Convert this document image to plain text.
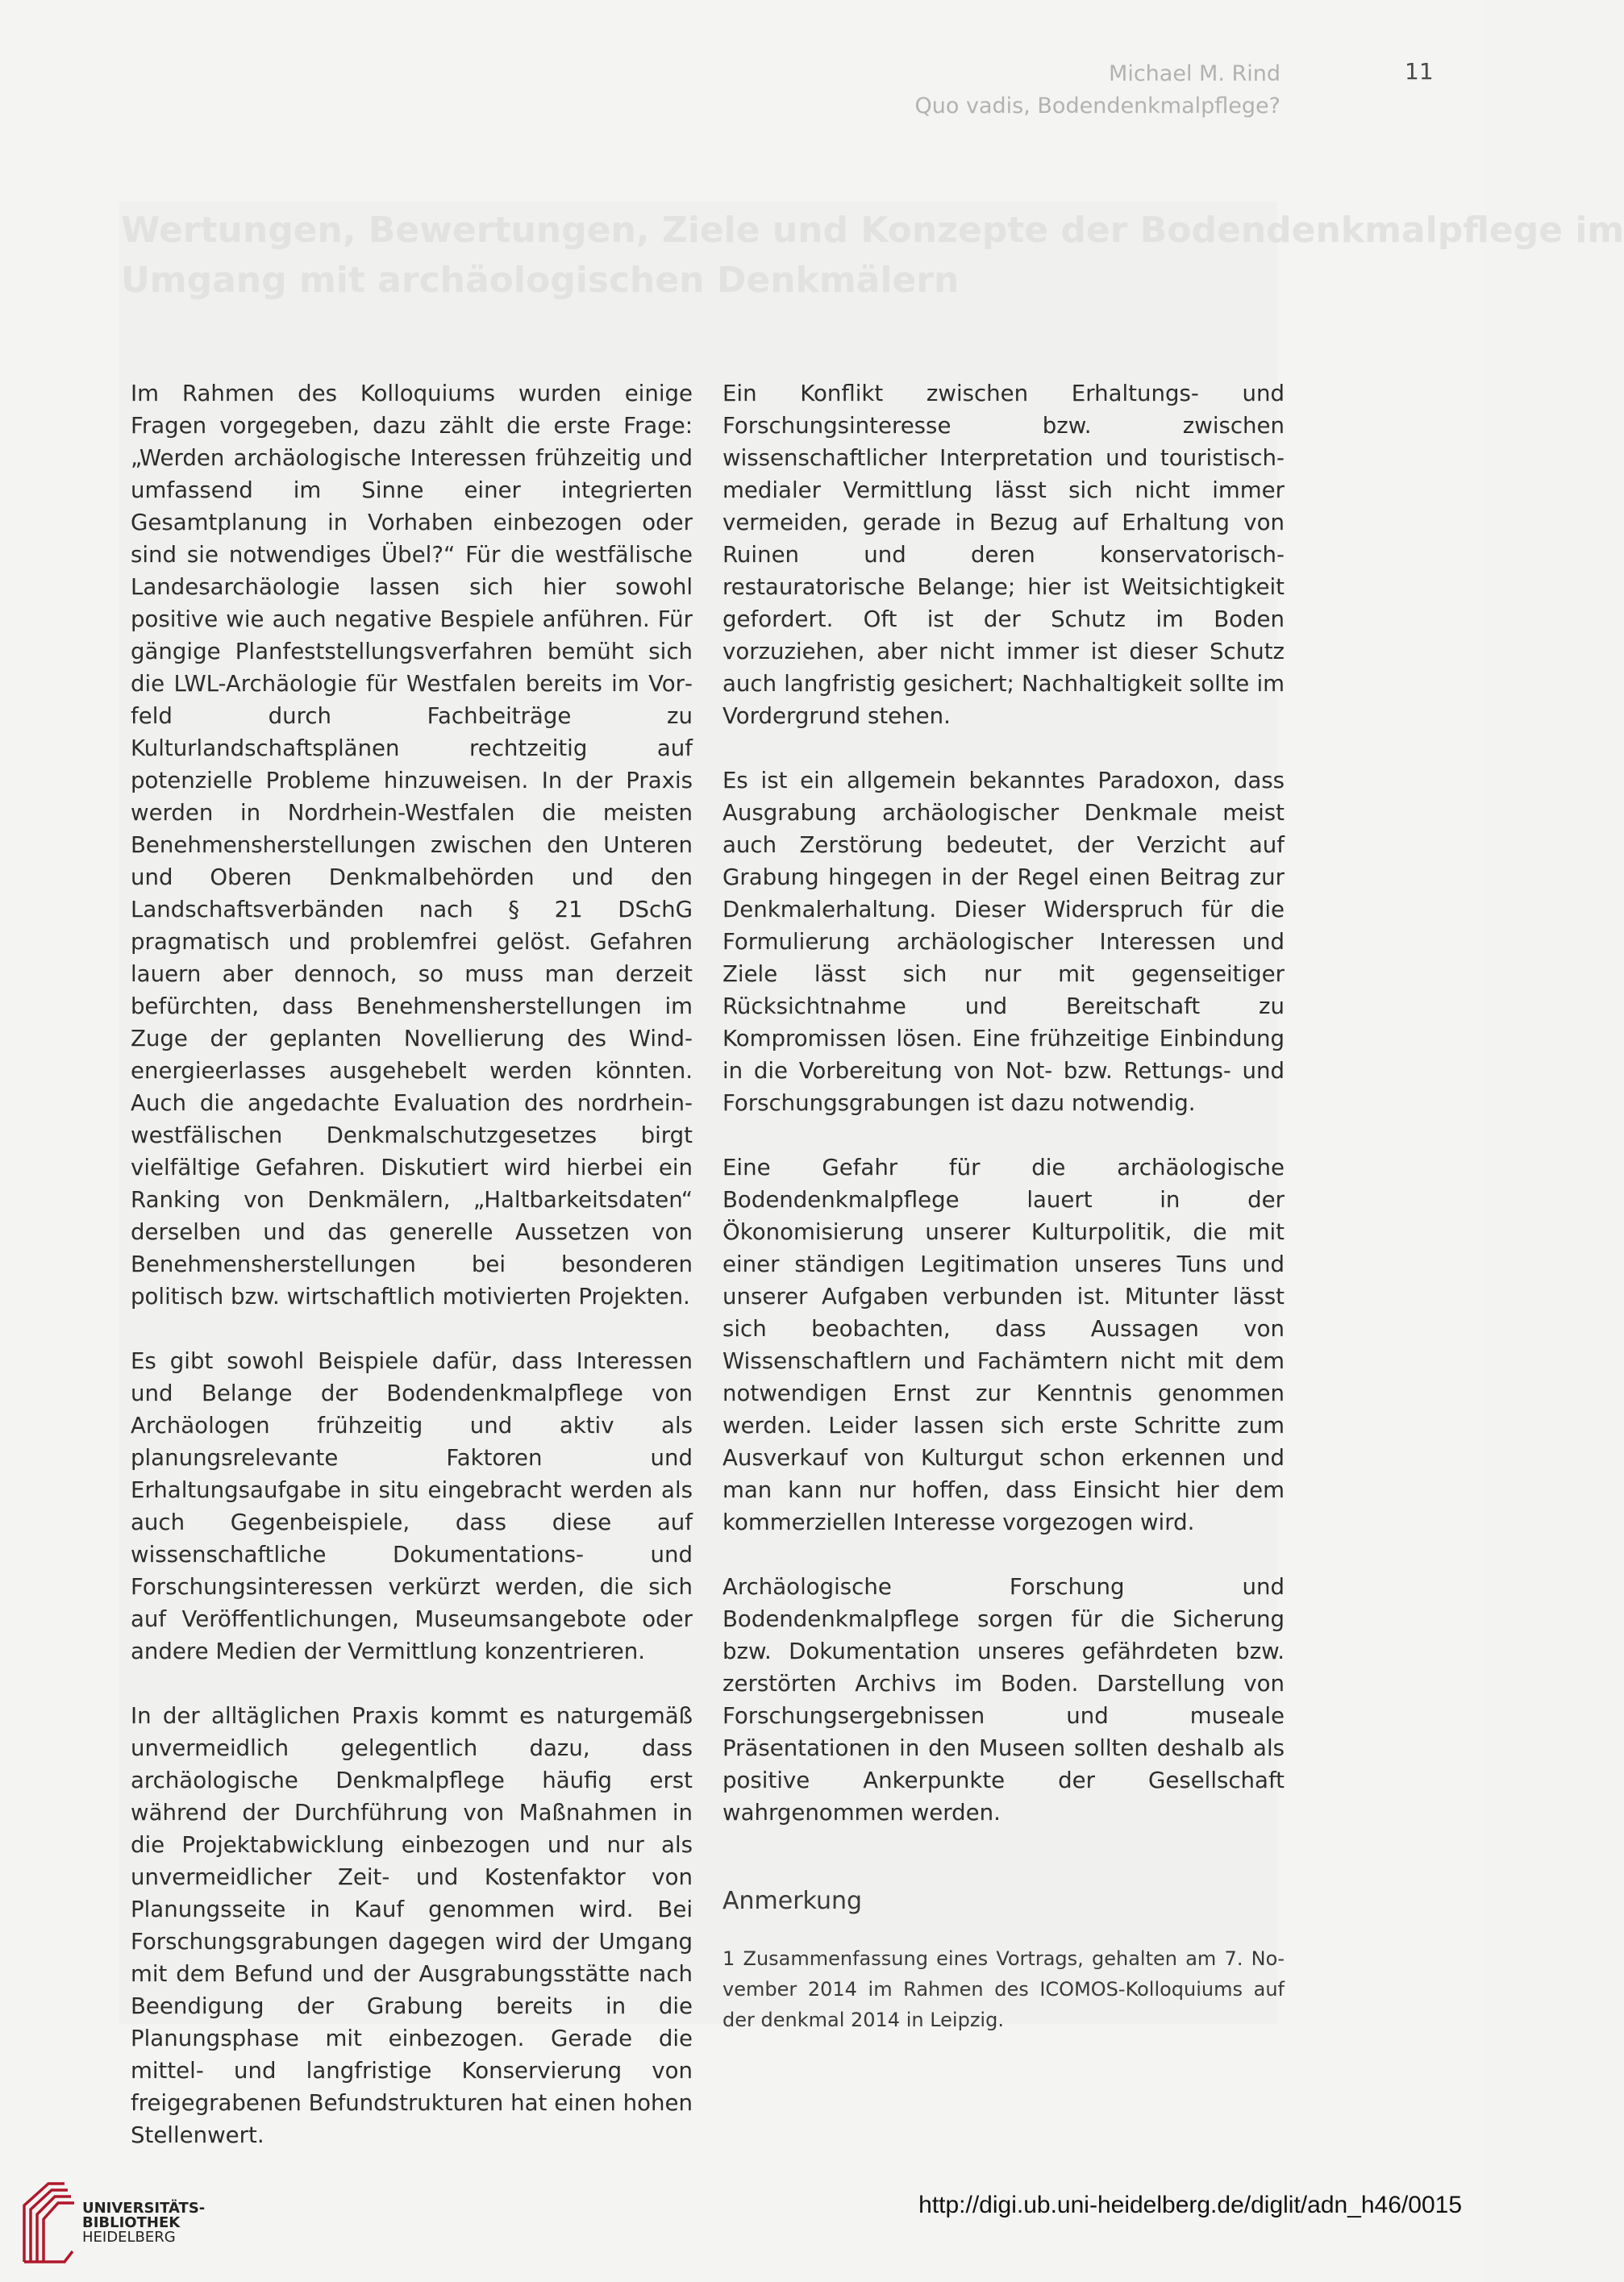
Wertungen, Bewertungen, Ziele und Konzepte der Bodendenkmalpflege im
Umgang mit archäologischen Denkmälern
Michael M. Rind
Quo vadis, Bodendenkmalpflege?
11

Im Rahmen des Kolloquiums wurden einige Fragen vorgegeben, dazu zählt die erste Frage: „Werden archäologische Interessen frühzeitig und umfassend im Sinne einer integrierten Gesamtplanung in Vorhaben einbezogen oder sind sie notwendiges Übel?“ Für die westfälische Landesarchäologie lassen sich hier sowohl positive wie auch negative Bespiele anführen. Für gängige Planfeststellungsverfahren bemüht sich die LWL-Archäologie für Westfalen bereits im Vorfeld durch Fachbeiträge zu Kulturlandschaftsplänen rechtzeitig auf potenzielle Probleme hinzuweisen. In der Praxis werden in Nordrhein-Westfalen die meisten Benehmensherstellungen zwischen den Unteren und Oberen Denkmalbehörden und den Landschaftsverbänden nach § 21 DSchG pragmatisch und problemfrei gelöst. Gefahren lauern aber dennoch, so muss man derzeit befürchten, dass Benehmensherstellungen im Zuge der geplanten Novellierung des Windenergieerlasses ausgehebelt werden könnten. Auch die angedachte Evaluation des nordrhein-westfälischen Denkmalschutzgesetzes birgt vielfältige Gefahren. Diskutiert wird hierbei ein Ranking von Denkmälern, „Haltbarkeitsdaten“ derselben und das generelle Aussetzen von Benehmensherstellungen bei besonderen politisch bzw. wirtschaftlich motivierten Projekten.

Es gibt sowohl Beispiele dafür, dass Interessen und Belange der Bodendenkmalpflege von Archäologen frühzeitig und aktiv als planungsrelevante Faktoren und Erhaltungsaufgabe in situ eingebracht werden als auch Gegenbeispiele, dass diese auf wissenschaftliche Dokumentations- und Forschungsinteressen verkürzt werden, die sich auf Veröffentlichungen, Museumsangebote oder andere Medien der Vermittlung konzentrieren.

In der alltäglichen Praxis kommt es naturgemäß unvermeidlich gelegentlich dazu, dass archäologische Denkmalpflege häufig erst während der Durchführung von Maßnahmen in die Projektabwicklung einbezogen und nur als unvermeidlicher Zeit- und Kostenfaktor von Planungsseite in Kauf genommen wird. Bei Forschungsgrabungen dagegen wird der Umgang mit dem Befund und der Ausgrabungsstätte nach Beendigung der Grabung bereits in die Planungsphase mit einbezogen. Gerade die mittel- und langfristige Konservierung von freigegrabenen Befundstrukturen hat einen hohen Stellenwert.

Ein Konflikt zwischen Erhaltungs- und Forschungsinteresse bzw. zwischen wissenschaftlicher Interpretation und touristisch-medialer Vermittlung lässt sich nicht immer vermeiden, gerade in Bezug auf Erhaltung von Ruinen und deren konservatorisch-restauratorische Belange; hier ist Weitsichtigkeit gefordert. Oft ist der Schutz im Boden vorzuziehen, aber nicht immer ist dieser Schutz auch langfristig gesichert; Nachhaltigkeit sollte im Vordergrund stehen.

Es ist ein allgemein bekanntes Paradoxon, dass Ausgrabung archäologischer Denkmale meist auch Zerstörung bedeutet, der Verzicht auf Grabung hingegen in der Regel einen Beitrag zur Denkmalerhaltung. Dieser Widerspruch für die Formulierung archäologischer Interessen und Ziele lässt sich nur mit gegenseitiger Rücksichtnahme und Bereitschaft zu Kompromissen lösen. Eine frühzeitige Einbindung in die Vorbereitung von Not- bzw. Rettungs- und Forschungsgrabungen ist dazu notwendig.

Eine Gefahr für die archäologische Bodendenkmalpflege lauert in der Ökonomisierung unserer Kulturpolitik, die mit einer ständigen Legitimation unseres Tuns und unserer Aufgaben verbunden ist. Mitunter lässt sich beobachten, dass Aussagen von Wissenschaftlern und Fachämtern nicht mit dem notwendigen Ernst zur Kenntnis genommen werden. Leider lassen sich erste Schritte zum Ausverkauf von Kulturgut schon erkennen und man kann nur hoffen, dass Einsicht hier dem kommerziellen Interesse vorgezogen wird.

Archäologische Forschung und Bodendenkmalpflege sorgen für die Sicherung bzw. Dokumentation unseres gefährdeten bzw. zerstörten Archivs im Boden. Darstellung von Forschungsergebnissen und museale Präsentationen in den Museen sollten deshalb als positive Ankerpunkte der Gesellschaft wahrgenommen werden.

Anmerkung

1 Zusammenfassung eines Vortrags, gehalten am 7. November 2014 im Rahmen des ICOMOS-Kolloquiums auf der denkmal 2014 in Leipzig.

UNIVERSITÄTS-
BIBLIOTHEK
HEIDELBERG
http://digi.ub.uni-heidelberg.de/diglit/adn_h46/0015
